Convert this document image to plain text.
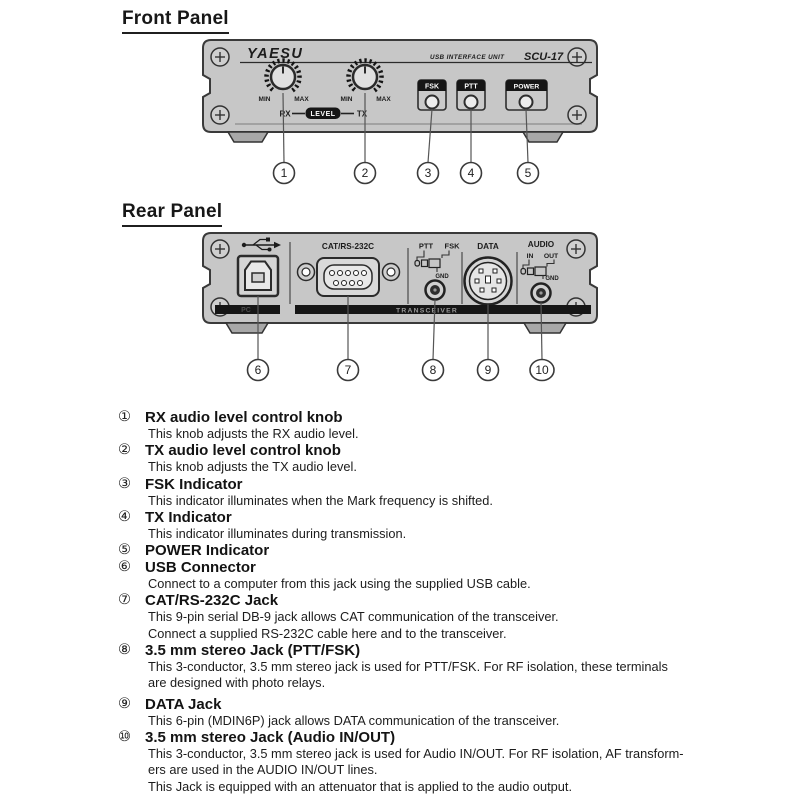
Front Panel
YAESU	USB INTERFACE UNIT SCU-17
MIN	MAX	MIN	MAX
RX	LEVEL	TX
FSK	PTT	POWER
1	2	3	4	5
Rear Panel
CAT/RS-232C	PTT FSK
GND
DATA	AUDIO
IN OUT
GND
PC	TRANSCEIVER
6	7	8	9	10
① RX audio level control knob
This knob adjusts the RX audio level.
② TX audio level control knob
This knob adjusts the TX audio level.
③ FSK Indicator
This indicator illuminates when the Mark frequency is shifted.
④ TX Indicator
This indicator illuminates during transmission.
⑤ POWER Indicator
⑥ USB Connector
Connect to a computer from this jack using the supplied USB cable.
⑦ CAT/RS-232C Jack
This 9-pin serial DB-9 jack allows CAT communication of the transceiver.
Connect a supplied RS-232C cable here and to the transceiver.
⑧ 3.5 mm stereo Jack (PTT/FSK)
This 3-conductor, 3.5 mm stereo jack is used for PTT/FSK. For RF isolation, these terminals
are designed with photo relays.
⑨ DATA Jack
This 6-pin (MDIN6P) jack allows DATA communication of the transceiver.
⑩ 3.5 mm stereo Jack (Audio IN/OUT)
This 3-conductor, 3.5 mm stereo jack is used for Audio IN/OUT. For RF isolation, AF transform-
ers are used in the AUDIO IN/OUT lines.
This Jack is equipped with an attenuator that is applied to the audio output.
